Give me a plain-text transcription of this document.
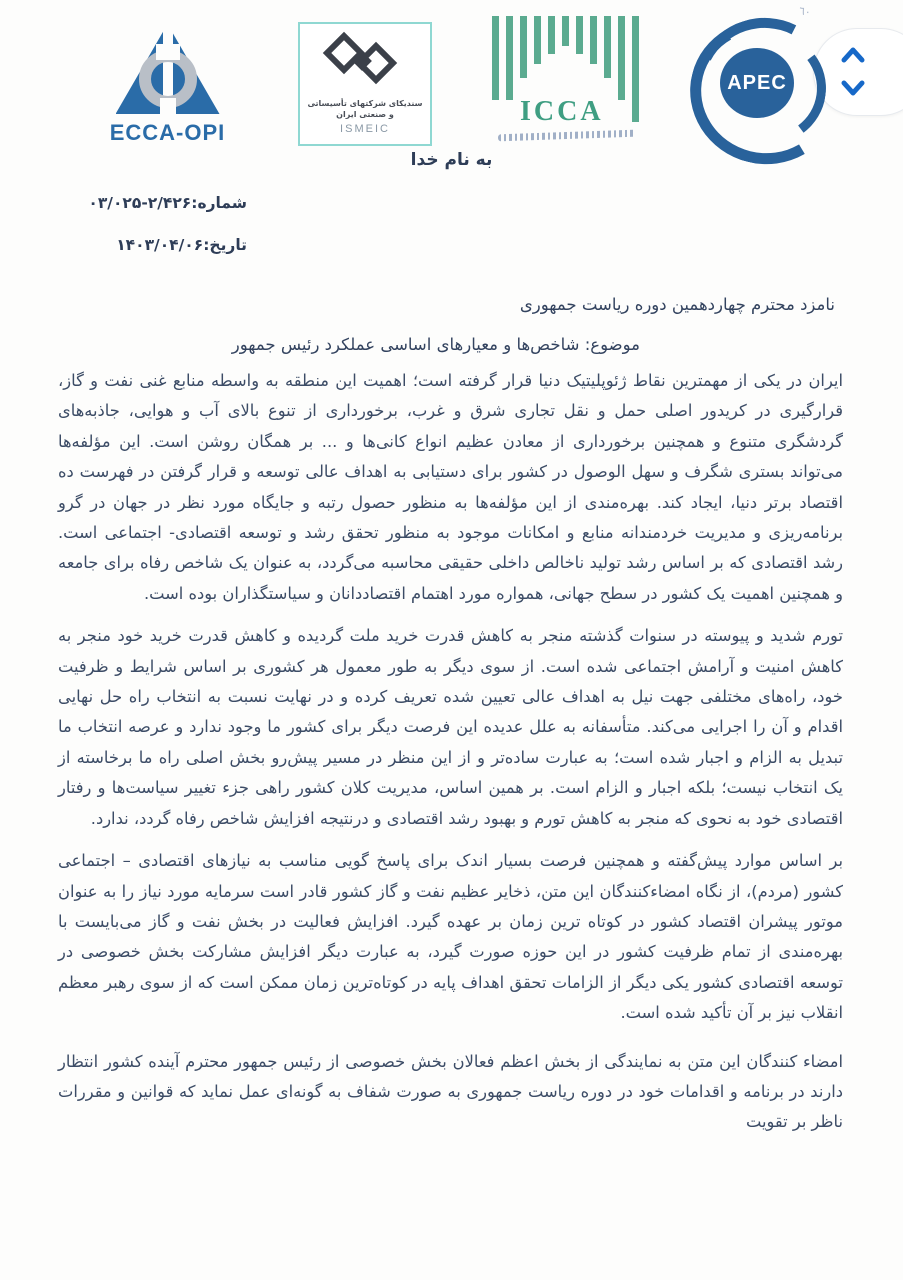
٦٠
ECCA-OPI
سندیکای شرکتهای تأسیساتی
و صنعتی ایران
ISMEIC
ICCA
APEC
به نام خدا
شماره:۰۳/۰۲۵-۲/۴۲۶
تاریخ:۱۴۰۳/۰۴/۰۶
نامزد محترم چهاردهمین دوره ریاست جمهوری
موضوع: شاخص‌ها و معیارهای اساسی عملکرد رئیس جمهور

ایران در یکی از مهمترین نقاط ژئوپلیتیک دنیا قرار گرفته است؛ اهمیت این منطقه به واسطه منابع غنی نفت و گاز، قرارگیری در کریدور اصلی حمل و نقل تجاری شرق و غرب، برخورداری از تنوع بالای آب و هوایی، جاذبه‌های گردشگری متنوع و همچنین برخورداری از معادن عظیم انواع کانی‌ها و ... بر همگان روشن است. این مؤلفه‌ها می‌تواند بستری شگرف و سهل الوصول در کشور برای دستیابی به اهداف عالی توسعه و قرار گرفتن در فهرست ده اقتصاد برتر دنیا، ایجاد کند. بهره‌مندی از این مؤلفه‌ها به منظور حصول رتبه و جایگاه مورد نظر در جهان در گرو برنامه‌ریزی و مدیریت خردمندانه منابع و امکانات موجود به منظور تحقق رشد و توسعه اقتصادی- اجتماعی است. رشد اقتصادی که بر اساس رشد تولید ناخالص داخلی حقیقی محاسبه می‌گردد، به عنوان یک شاخص رفاه برای جامعه و همچنین اهمیت یک کشور در سطح جهانی، همواره مورد اهتمام اقتصاددانان و سیاستگذاران بوده است.

تورم شدید و پیوسته در سنوات گذشته منجر به کاهش قدرت خرید ملت گردیده و کاهش قدرت خرید خود منجر به کاهش امنیت و آرامش اجتماعی شده است. از سوی دیگر به طور معمول هر کشوری بر اساس شرایط و ظرفیت خود، راه‌های مختلفی جهت نیل به اهداف عالی تعیین شده تعریف کرده و در نهایت نسبت به انتخاب راه حل نهایی اقدام و آن را اجرایی می‌کند. متأسفانه به علل عدیده این فرصت دیگر برای کشور ما وجود ندارد و عرصه انتخاب ما تبدیل به الزام و اجبار شده است؛ به عبارت ساده‌تر و از این منظر در مسیر پیش‌رو بخش اصلی راه ما برخاسته از یک انتخاب نیست؛ بلکه اجبار و الزام است. بر همین اساس، مدیریت کلان کشور راهی جزء تغییر سیاست‌ها و رفتار اقتصادی خود به نحوی که منجر به کاهش تورم و بهبود رشد اقتصادی و درنتیجه افزایش شاخص رفاه گردد، ندارد.

بر اساس موارد پیش‌گفته و همچنین فرصت بسیار اندک برای پاسخ گویی مناسب به نیازهای اقتصادی – اجتماعی کشور (مردم)، از نگاه امضاءکنندگان این متن، ذخایر عظیم نفت و گاز کشور قادر است سرمایه مورد نیاز را به عنوان موتور پیشران اقتصاد کشور در کوتاه ترین زمان بر عهده گیرد. افزایش فعالیت در بخش نفت و گاز می‌بایست با بهره‌مندی از تمام ظرفیت کشور در این حوزه صورت گیرد، به عبارت دیگر افزایش مشارکت بخش خصوصی در توسعه اقتصادی کشور یکی دیگر از الزامات تحقق اهداف پایه در کوتاه‌ترین زمان ممکن است که از سوی رهبر معظم انقلاب نیز بر آن تأکید شده است.

امضاء کنندگان این متن به نمایندگی از بخش اعظم فعالان بخش خصوصی از رئیس جمهور محترم آینده کشور انتظار دارند در برنامه و اقدامات خود در دوره ریاست جمهوری به صورت شفاف به گونه‌ای عمل نماید که قوانین و مقررات ناظر بر تقویت
